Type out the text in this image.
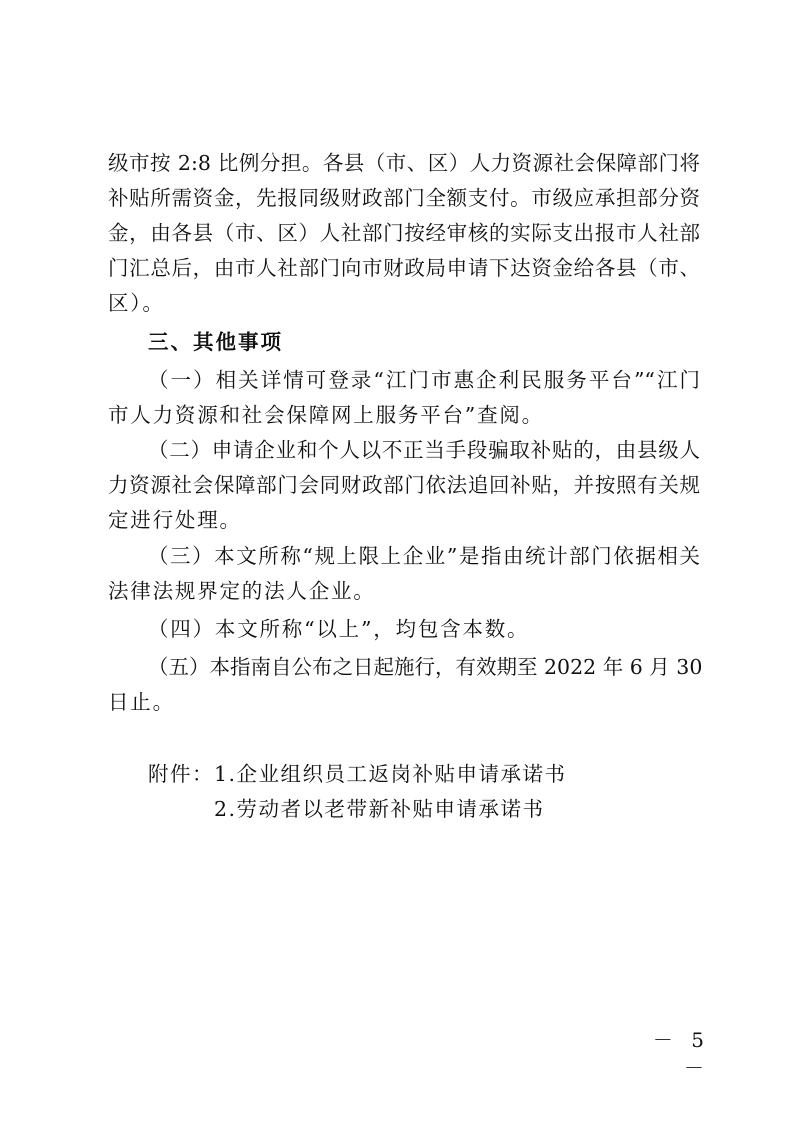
级市按 2:8 比例分担。各县（市、区）人力资源社会保障部门将
补贴所需资金，先报同级财政部门全额支付。市级应承担部分资
金，由各县（市、区）人社部门按经审核的实际支出报市人社部
门汇总后，由市人社部门向市财政局申请下达资金给各县（市、
区）。
三、其他事项
（一）相关详情可登录“江门市惠企利民服务平台”“江门
市人力资源和社会保障网上服务平台”查阅。
（二）申请企业和个人以不正当手段骗取补贴的，由县级人
力资源社会保障部门会同财政部门依法追回补贴，并按照有关规
定进行处理。
（三）本文所称“规上限上企业”是指由统计部门依据相关
法律法规界定的法人企业。
（四）本文所称“以上”，均包含本数。
（五）本指南自公布之日起施行，有效期至 2022 年 6 月 30
日止。
附件： 1.企业组织员工返岗补贴申请承诺书
2.劳动者以老带新补贴申请承诺书
－ 5 －
